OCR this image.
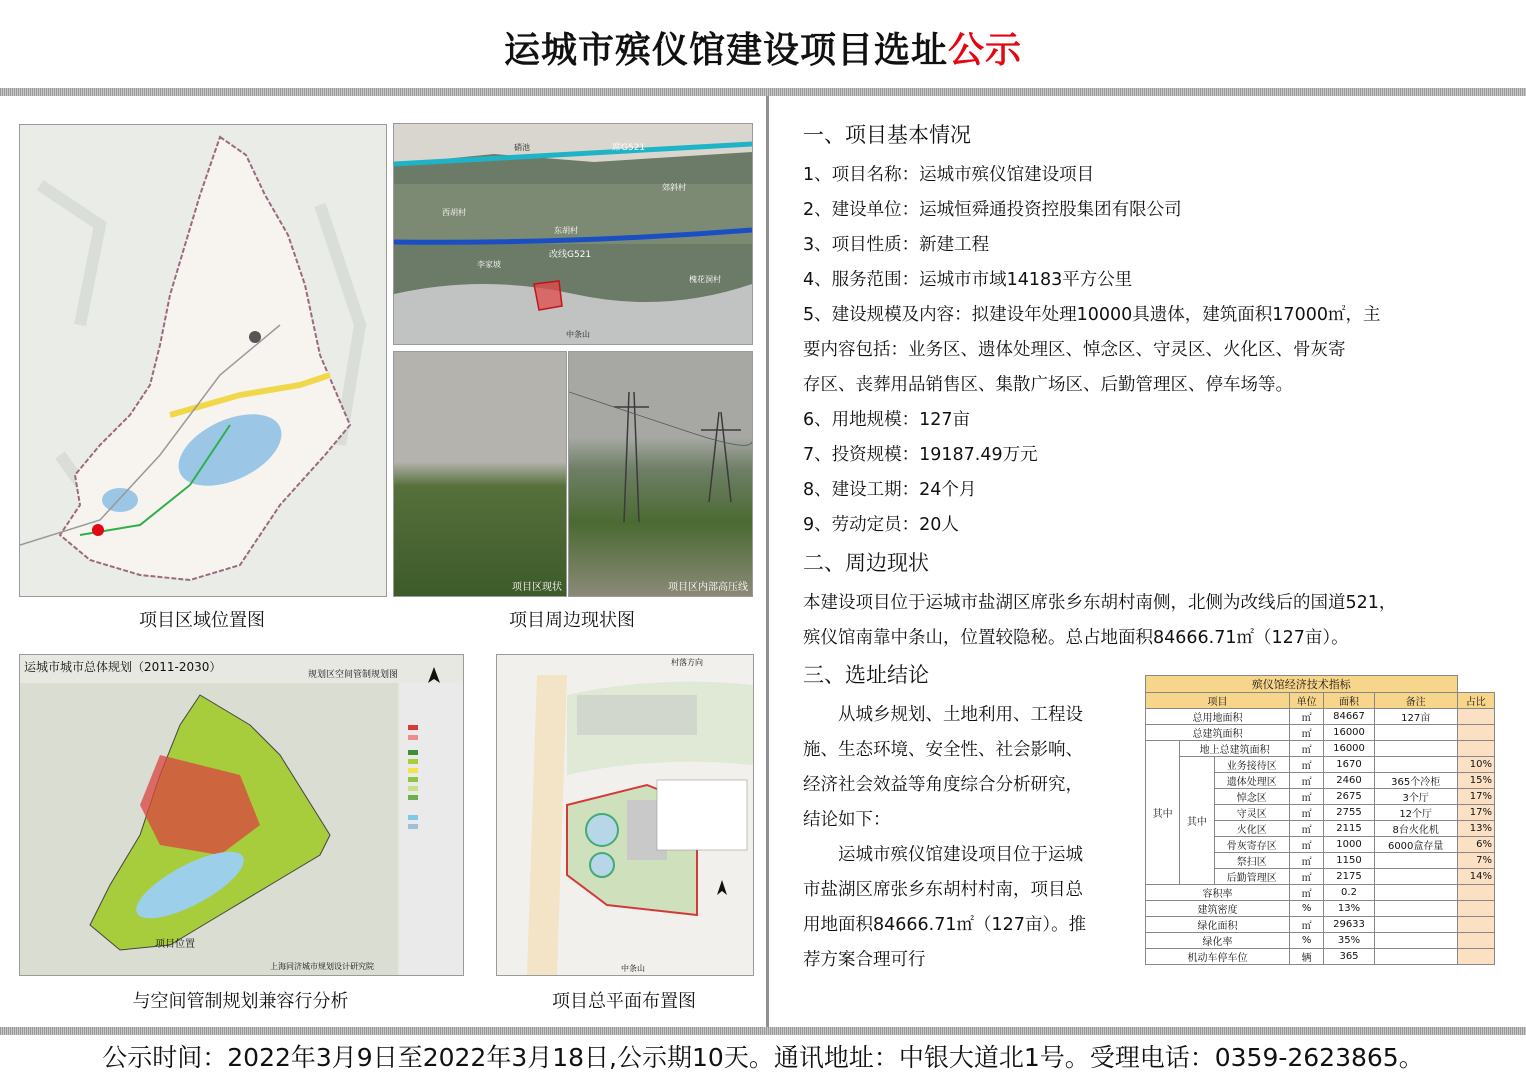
运城市殡仪馆建设项目选址公示
项目区域位置图
席G521
硝池
郊斜村
西胡村
东胡村
改线G521
李家坡
槐花洞村
中条山
项目区现状	项目区内部高压线
项目周边现状图
运城市城市总体规划（2011-2030）
规划区空间管制规划图
项目位置
上海同济城市规划设计研究院
与空间管制规划兼容行分析
村落方向
中条山
项目总平面布置图
一、项目基本情况
1、项目名称：运城市殡仪馆建设项目
2、建设单位：运城恒舜通投资控股集团有限公司
3、项目性质：新建工程
4、服务范围：运城市市域14183平方公里
5、建设规模及内容：拟建设年处理10000具遗体，建筑面积17000㎡，主
要内容包括：业务区、遗体处理区、悼念区、守灵区、火化区、骨灰寄
存区、丧葬用品销售区、集散广场区、后勤管理区、停车场等。
6、用地规模：127亩
7、投资规模：19187.49万元
8、建设工期：24个月
9、劳动定员：20人
二、周边现状
本建设项目位于运城市盐湖区席张乡东胡村南侧，北侧为改线后的国道521，
殡仪馆南靠中条山，位置较隐秘。总占地面积84666.71㎡（127亩）。
三、选址结论
　　从城乡规划、土地利用、工程设
施、生态环境、安全性、社会影响、
经济社会效益等角度综合分析研究，
结论如下：
　　运城市殡仪馆建设项目位于运城
市盐湖区席张乡东胡村村南，项目总
用地面积84666.71㎡（127亩）。推
荐方案合理可行
殡仪馆经济技术指标						
项目			单位	面积	备注	占比
总用地面积			㎡	84667	127亩	
总建筑面积			㎡	16000		
其中	地上总建筑面积		㎡	16000		
	其中	业务接待区	㎡	1670		10%
		遗体处理区	㎡	2460	365个冷柜	15%
		悼念区	㎡	2675	3个厅	17%
		守灵区	㎡	2755	12个厅	17%
		火化区	㎡	2115	8台火化机	13%
		骨灰寄存区	㎡	1000	6000盒存量	6%
		祭扫区	㎡	1150		7%
		后勤管理区	㎡	2175		14%
容积率			㎡	0.2		
建筑密度			%	13%		
绿化面积			㎡	29633		
绿化率			%	35%		
机动车停车位			辆	365		
公示时间：2022年3月9日至2022年3月18日,公示期10天。通讯地址：中银大道北1号。受理电话：0359-2623865。
